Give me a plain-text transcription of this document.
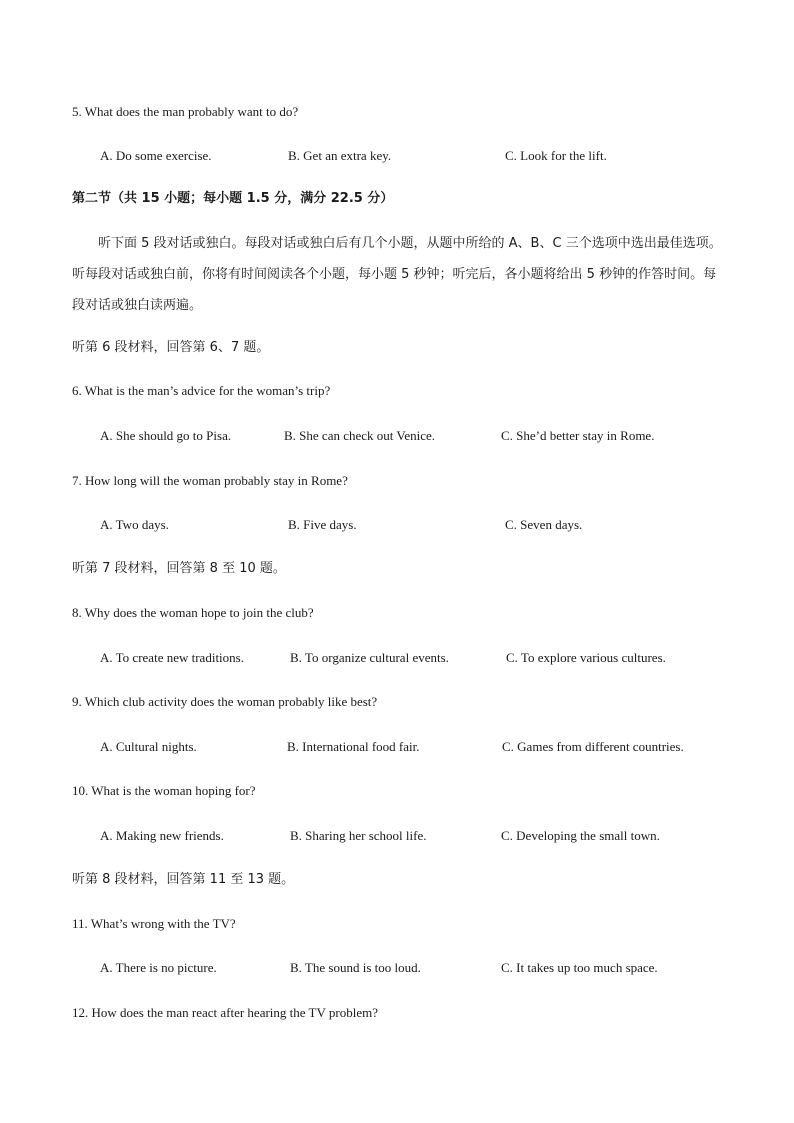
5. What does the man probably want to do?
A. Do some exercise.	B. Get an extra key.	C. Look for the lift.
第二节（共 15 小题；每小题 1.5 分，满分 22.5 分）
听下面 5 段对话或独白。每段对话或独白后有几个小题，从题中所给的 A、B、C 三个选项中选出最佳选项。听每段对话或独白前，你将有时间阅读各个小题，每小题 5 秒钟；听完后，各小题将给出 5 秒钟的作答时间。每段对话或独白读两遍。
听第 6 段材料，回答第 6、7 题。
6. What is the man’s advice for the woman’s trip?
A. She should go to Pisa.	B. She can check out Venice.	C. She’d better stay in Rome.
7. How long will the woman probably stay in Rome?
A. Two days.	B. Five days.	C. Seven days.
听第 7 段材料，回答第 8 至 10 题。
8. Why does the woman hope to join the club?
A. To create new traditions.	B. To organize cultural events.	C. To explore various cultures.
9. Which club activity does the woman probably like best?
A. Cultural nights.	B. International food fair.	C. Games from different countries.
10. What is the woman hoping for?
A. Making new friends.	B. Sharing her school life.	C. Developing the small town.
听第 8 段材料，回答第 11 至 13 题。
11. What’s wrong with the TV?
A. There is no picture.	B. The sound is too loud.	C. It takes up too much space.
12. How does the man react after hearing the TV problem?
